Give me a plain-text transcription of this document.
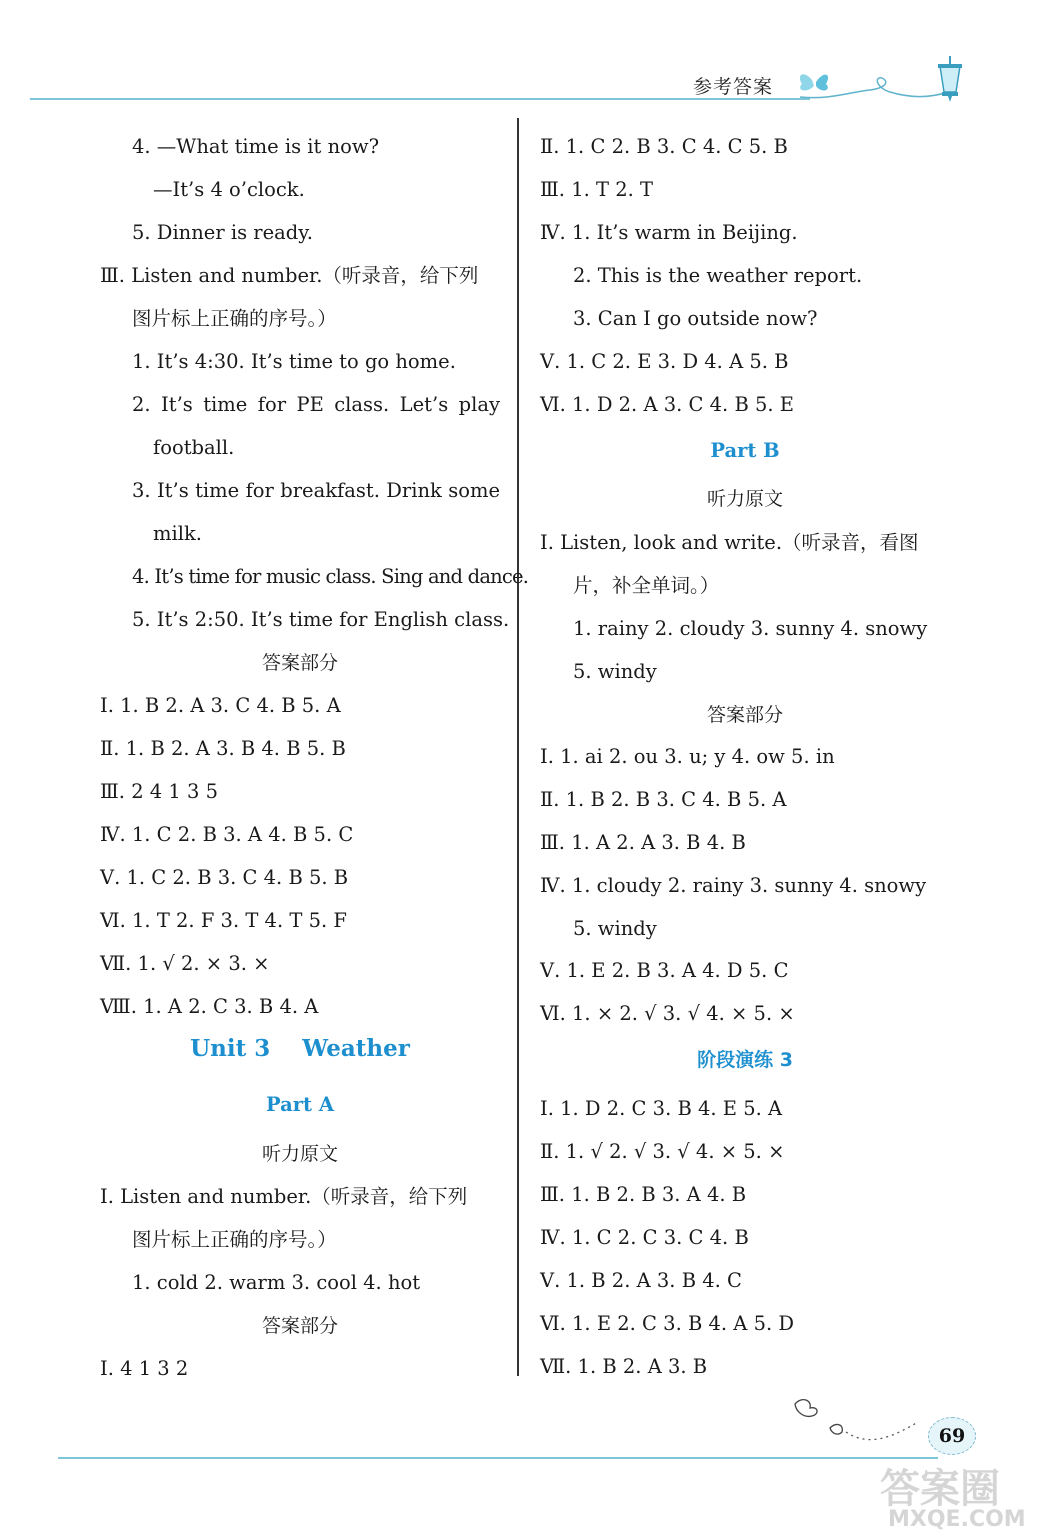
参考答案
4. —What time is it now?
—It’s 4 o’clock.
5. Dinner is ready.
Ⅲ. Listen and number.（听录音，给下列
图片标上正确的序号。）
1. It’s 4:30. It’s time to go home.
2. It’s time for PE class. Let’s play
football.
3. It’s time for breakfast. Drink some
milk.
4. It’s time for music class. Sing and dance.
5. It’s 2:50. It’s time for English class.
答案部分
Ⅰ. 1. B 2. A 3. C 4. B 5. A
Ⅱ. 1. B 2. A 3. B 4. B 5. B
Ⅲ. 2 4 1 3 5
Ⅳ. 1. C 2. B 3. A 4. B 5. C
Ⅴ. 1. C 2. B 3. C 4. B 5. B
Ⅵ. 1. T 2. F 3. T 4. T 5. F
Ⅶ. 1. √ 2. × 3. ×
Ⅷ. 1. A 2. C 3. B 4. A
Unit 3    Weather
Part A
听力原文
Ⅰ. Listen and number.（听录音，给下列
图片标上正确的序号。）
1. cold 2. warm 3. cool 4. hot
答案部分
Ⅰ. 4 1 3 2
Ⅱ. 1. C 2. B 3. C 4. C 5. B
Ⅲ. 1. T 2. T
Ⅳ. 1. It’s warm in Beijing.
2. This is the weather report.
3. Can I go outside now?
Ⅴ. 1. C 2. E 3. D 4. A 5. B
Ⅵ. 1. D 2. A 3. C 4. B 5. E
Part B
听力原文
Ⅰ. Listen, look and write.（听录音，看图
片，补全单词。）
1. rainy 2. cloudy 3. sunny 4. snowy
5. windy
答案部分
Ⅰ. 1. ai 2. ou 3. u; y 4. ow 5. in
Ⅱ. 1. B 2. B 3. C 4. B 5. A
Ⅲ. 1. A 2. A 3. B 4. B
Ⅳ. 1. cloudy 2. rainy 3. sunny 4. snowy
5. windy
Ⅴ. 1. E 2. B 3. A 4. D 5. C
Ⅵ. 1. × 2. √ 3. √ 4. × 5. ×
阶段演练 3
Ⅰ. 1. D 2. C 3. B 4. E 5. A
Ⅱ. 1. √ 2. √ 3. √ 4. × 5. ×
Ⅲ. 1. B 2. B 3. A 4. B
Ⅳ. 1. C 2. C 3. C 4. B
Ⅴ. 1. B 2. A 3. B 4. C
Ⅵ. 1. E 2. C 3. B 4. A 5. D
Ⅶ. 1. B 2. A 3. B
69
答案圈
MXQE.COM
